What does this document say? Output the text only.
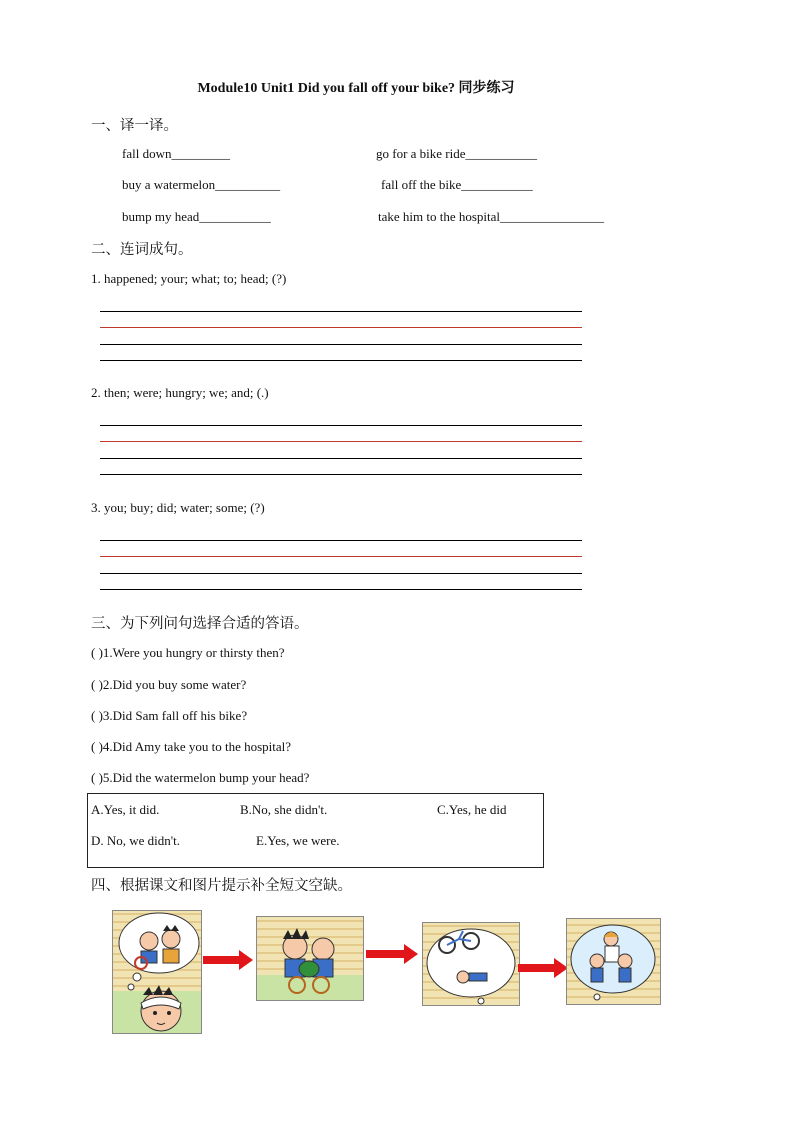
Module10 Unit1 Did you fall off your bike? 同步练习
一、译一译。
fall down_________	go for a bike ride___________
buy a watermelon__________	fall off the bike___________
bump my head___________	take him to the hospital________________
二、连词成句。
1. happened; your; what; to; head; (?)
2. then; were; hungry; we; and; (.)
3. you; buy; did; water; some; (?)
三、为下列问句选择合适的答语。
( )1.Were you hungry or thirsty then?
( )2.Did you buy some water?
( )3.Did Sam fall off his bike?
( )4.Did Amy take you to the hospital?
( )5.Did the watermelon bump your head?
A.Yes, it did.	B.No, she didn't.	C.Yes, he did
D. No, we didn't.	E.Yes, we were.
四、根据课文和图片提示补全短文空缺。
